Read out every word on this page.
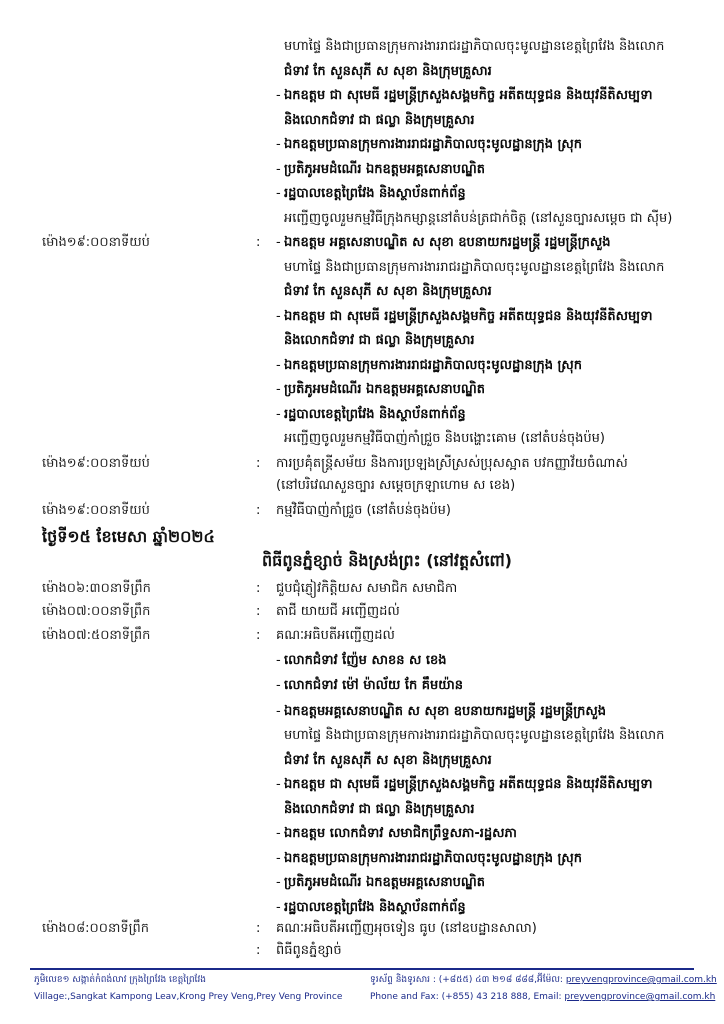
មហាផ្ទៃ និងជាប្រធានក្រុមការងាររាជរដ្ឋាភិបាលចុះមូលដ្ឋានខេត្តព្រៃវែង និងលោក
ជំទាវ កែ សួនសុភី ស សុខា និងក្រុមគ្រួសារ
- ឯកឧត្តម ជា សុមេធី រដ្ឋមន្ត្រីក្រសួងសង្គមកិច្ច អតីតយុទ្ធជន និងយុវនីតិសម្បទា
និងលោកជំទាវ ជា ផល្លា និងក្រុមគ្រួសារ
- ឯកឧត្តមប្រធានក្រុមការងាររាជរដ្ឋាភិបាលចុះមូលដ្ឋានក្រុង ស្រុក
- ប្រតិភូអមដំណើរ ឯកឧត្តមអគ្គសេនាបណ្ឌិត
- រដ្ឋបាលខេត្តព្រៃវែង និងស្ថាប័នពាក់ព័ន្ធ
អញ្ជើញចូលរួមកម្មវិធីក្រុងកម្សាន្តនៅតំបន់ត្រជាក់ចិត្ត (នៅសួនច្បារសម្តេច ជា ស៊ីម)
ម៉ោង១៩:០០នាទីយប់	: - ឯកឧត្តម អគ្គសេនាបណ្ឌិត ស សុខា ឧបនាយករដ្ឋមន្ត្រី រដ្ឋមន្ត្រីក្រសួង
មហាផ្ទៃ និងជាប្រធានក្រុមការងាររាជរដ្ឋាភិបាលចុះមូលដ្ឋានខេត្តព្រៃវែង និងលោក
ជំទាវ កែ សួនសុភី ស សុខា និងក្រុមគ្រួសារ
- ឯកឧត្តម ជា សុមេធី រដ្ឋមន្ត្រីក្រសួងសង្គមកិច្ច អតីតយុទ្ធជន និងយុវនីតិសម្បទា
និងលោកជំទាវ ជា ផល្លា និងក្រុមគ្រួសារ
- ឯកឧត្តមប្រធានក្រុមការងាររាជរដ្ឋាភិបាលចុះមូលដ្ឋានក្រុង ស្រុក
- ប្រតិភូអមដំណើរ ឯកឧត្តមអគ្គសេនាបណ្ឌិត
- រដ្ឋបាលខេត្តព្រៃវែង និងស្ថាប័នពាក់ព័ន្ធ
អញ្ជើញចូលរួមកម្មវិធីបាញ់កាំជ្រួច និងបង្ហោះគោម (នៅតំបន់ចុងប៉ម)
ម៉ោង១៩:០០នាទីយប់	: ការប្រគុំតន្ត្រីសម័យ និងការប្រឡងស្រីស្រស់ប្រុសស្អាត បវកញ្ញាវ័យចំណាស់
(នៅបរិវេណសួនច្បារ សម្តេចក្រឡាហោម ស ខេង)
ម៉ោង១៩:០០នាទីយប់	: កម្មវិធីបាញ់កាំជ្រួច (នៅតំបន់ចុងប៉ម)
ថ្ងៃទី១៥ ខែមេសា ឆ្នាំ២០២៤
ពិធីពូនភ្នំខ្សាច់ និងស្រង់ព្រះ (នៅវត្តសំពៅ)
ម៉ោង០៦:៣០នាទីព្រឹក	: ជួបជុំភ្ញៀវកិត្តិយស សមាជិក សមាជិកា
ម៉ោង០៧:០០នាទីព្រឹក	: តាជី យាយជី អញ្ជើញដល់
ម៉ោង០៧:៥០នាទីព្រឹក	: គណៈអធិបតីអញ្ជើញដល់
- លោកជំទាវ ញ៉ែម សាខន ស ខេង
- លោកជំទាវ ម៉ៅ ម៉ាល័យ កែ គឹមយ៉ាន
- ឯកឧត្តមអគ្គសេនាបណ្ឌិត ស សុខា ឧបនាយករដ្ឋមន្ត្រី រដ្ឋមន្ត្រីក្រសួង
មហាផ្ទៃ និងជាប្រធានក្រុមការងាររាជរដ្ឋាភិបាលចុះមូលដ្ឋានខេត្តព្រៃវែង និងលោក
ជំទាវ កែ សួនសុភី ស សុខា និងក្រុមគ្រួសារ
- ឯកឧត្តម ជា សុមេធី រដ្ឋមន្ត្រីក្រសួងសង្គមកិច្ច អតីតយុទ្ធជន និងយុវនីតិសម្បទា
និងលោកជំទាវ ជា ផល្លា និងក្រុមគ្រួសារ
- ឯកឧត្តម លោកជំទាវ សមាជិកព្រឹទ្ធសភា-រដ្ឋសភា
- ឯកឧត្តមប្រធានក្រុមការងាររាជរដ្ឋាភិបាលចុះមូលដ្ឋានក្រុង ស្រុក
- ប្រតិភូអមដំណើរ ឯកឧត្តមអគ្គសេនាបណ្ឌិត
- រដ្ឋបាលខេត្តព្រៃវែង និងស្ថាប័នពាក់ព័ន្ធ
ម៉ោង០៨:០០នាទីព្រឹក	: គណៈអធិបតីអញ្ជើញអុចទៀន ធូប (នៅឧបដ្ឋានសាលា)
: ពិធីពូនភ្នំខ្សាច់
ភូមិលេខ១ សង្កាត់កំពង់លាវ ក្រុងព្រៃវែង ខេត្តព្រៃវែង
Village:,Sangkat Kampong Leav,Krong Prey Veng,Prey Veng Province
ទូរស័ព្ទ និងទូរសារ : (+៨៥៥) ៤៣ ២១៨ ៨៨៨,អ៊ីម៉ែល: preyvengprovince@gmail.com.kh
Phone and Fax: (+855) 43 218 888, Email: preyvengprovince@gmail.com.kh
